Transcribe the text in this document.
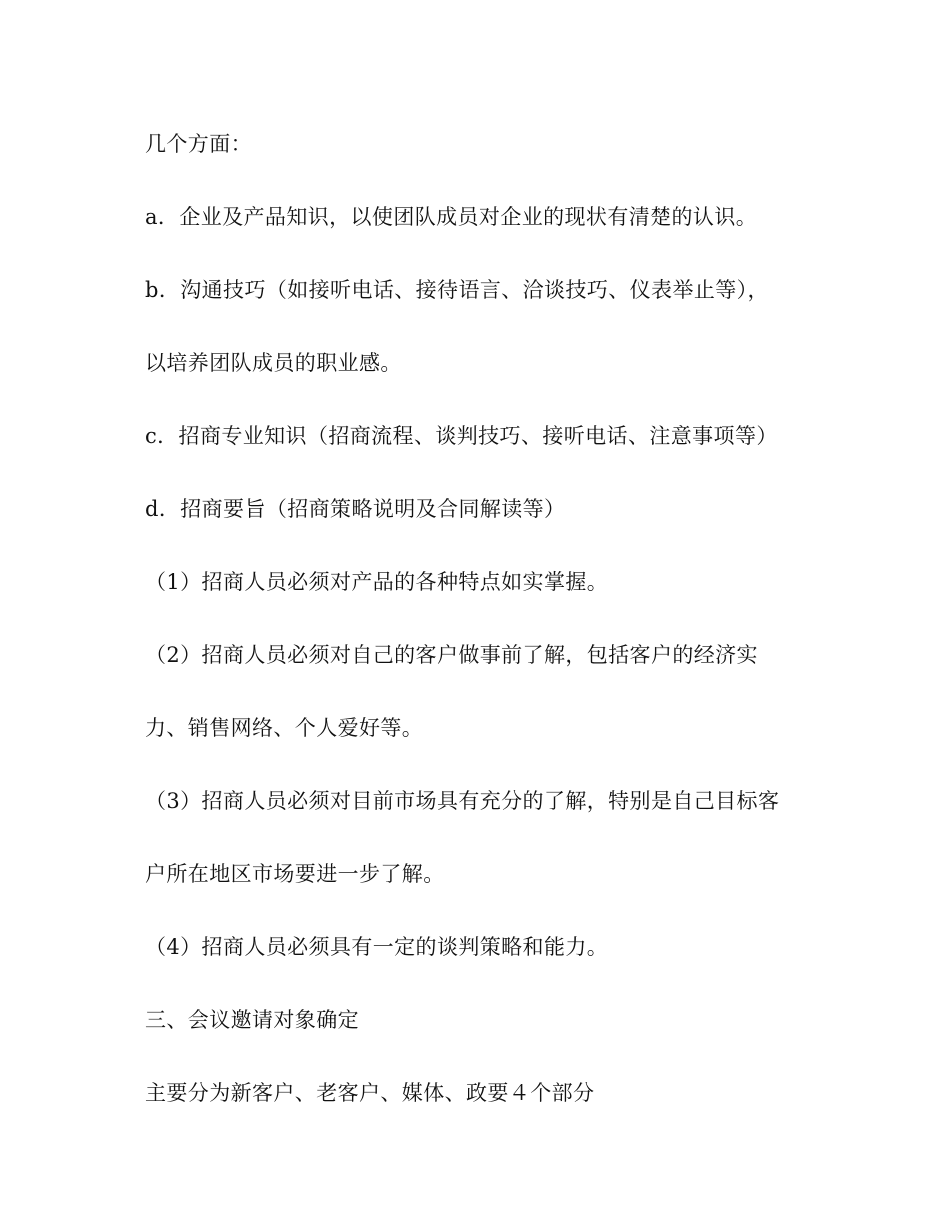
几个方面：
a．企业及产品知识，以使团队成员对企业的现状有清楚的认识。
b．沟通技巧（如接听电话、接待语言、洽谈技巧、仪表举止等），
以培养团队成员的职业感。
c．招商专业知识（招商流程、谈判技巧、接听电话、注意事项等）
d．招商要旨（招商策略说明及合同解读等）
（1）招商人员必须对产品的各种特点如实掌握。
（2）招商人员必须对自己的客户做事前了解，包括客户的经济实
力、销售网络、个人爱好等。
（3）招商人员必须对目前市场具有充分的了解，特别是自己目标客
户所在地区市场要进一步了解。
（4）招商人员必须具有一定的谈判策略和能力。
三、会议邀请对象确定
主要分为新客户、老客户、媒体、政要４个部分
